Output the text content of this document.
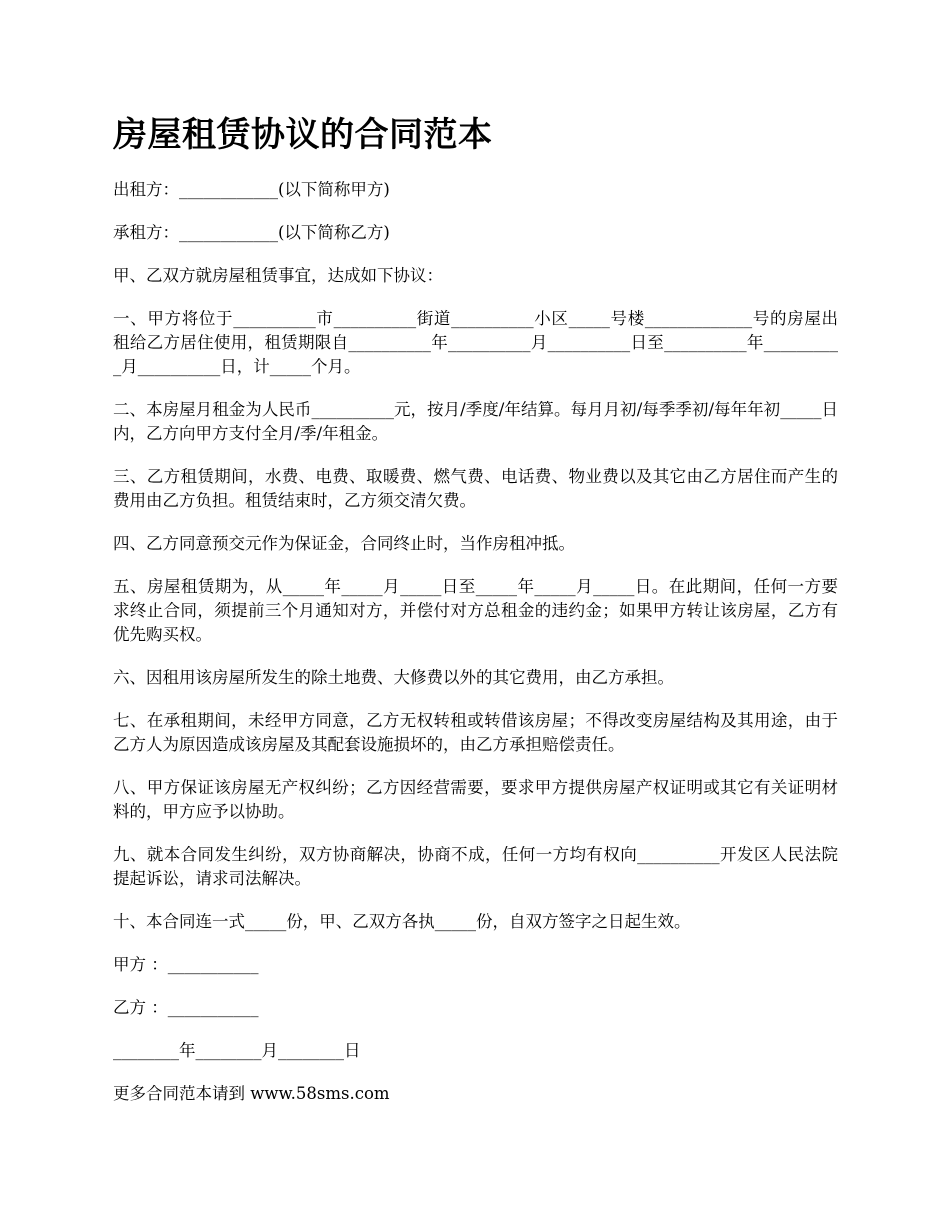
房屋租赁协议的合同范本

出租方：____________(以下简称甲方)

承租方：____________(以下简称乙方)

甲、乙双方就房屋租赁事宜，达成如下协议：

一、甲方将位于__________市__________街道__________小区_____号楼_____________号的房屋出租给乙方居住使用，租赁期限自__________年__________月__________日至__________年__________月__________日，计_____个月。

二、本房屋月租金为人民币__________元，按月/季度/年结算。每月月初/每季季初/每年年初_____日内，乙方向甲方支付全月/季/年租金。

三、乙方租赁期间，水费、电费、取暖费、燃气费、电话费、物业费以及其它由乙方居住而产生的费用由乙方负担。租赁结束时，乙方须交清欠费。

四、乙方同意预交元作为保证金，合同终止时，当作房租冲抵。

五、房屋租赁期为，从_____年_____月_____日至_____年_____月_____日。在此期间，任何一方要求终止合同，须提前三个月通知对方，并偿付对方总租金的违约金；如果甲方转让该房屋，乙方有优先购买权。

六、因租用该房屋所发生的除土地费、大修费以外的其它费用，由乙方承担。

七、在承租期间，未经甲方同意，乙方无权转租或转借该房屋；不得改变房屋结构及其用途，由于乙方人为原因造成该房屋及其配套设施损坏的，由乙方承担赔偿责任。

八、甲方保证该房屋无产权纠纷；乙方因经营需要，要求甲方提供房屋产权证明或其它有关证明材料的，甲方应予以协助。

九、就本合同发生纠纷，双方协商解决，协商不成，任何一方均有权向__________开发区人民法院提起诉讼，请求司法解决。

十、本合同连一式_____份，甲、乙双方各执_____份，自双方签字之日起生效。

甲方 ：___________

乙方 ：___________

________年________月________日

更多合同范本请到 www.58sms.com
